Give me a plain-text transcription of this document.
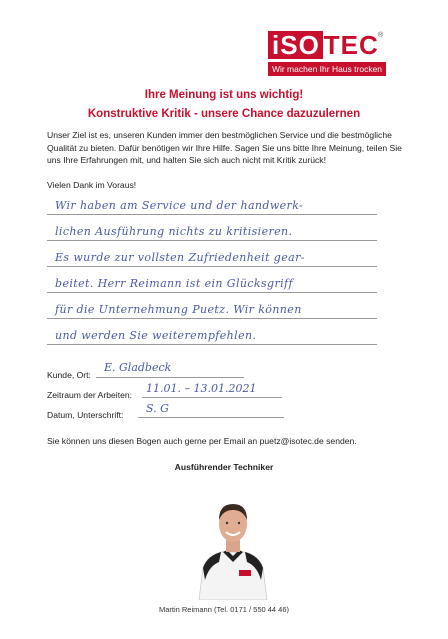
iSO TEC ®
Wir machen Ihr Haus trocken
Ihre Meinung ist uns wichtig!
Konstruktive Kritik - unsere Chance dazuzulernen
Unser Ziel ist es, unseren Kunden immer den bestmöglichen Service und die bestmögliche Qualität zu bieten. Dafür benötigen wir Ihre Hilfe. Sagen Sie uns bitte Ihre Meinung, teilen Sie uns Ihre Erfahrungen mit, und halten Sie sich auch nicht mit Kritik zurück!
Vielen Dank im Voraus!
Wir haben am Service und der handwerk-
lichen Ausführung nichts zu kritisieren.
Es wurde zur vollsten Zufriedenheit gear-
beitet. Herr Reimann ist ein Glücksgriff
für die Unternehmung Puetz. Wir können
und werden Sie weiterempfehlen.
Kunde, Ort:
E. Gladbeck
Zeitraum der Arbeiten: 11.01. – 13.01.2021
Datum, Unterschrift: S. G
Sie können uns diesen Bogen auch gerne per Email an puetz@isotec.de senden.
Ausführender Techniker
Martin Reimann (Tel. 0171 / 550 44 46)
